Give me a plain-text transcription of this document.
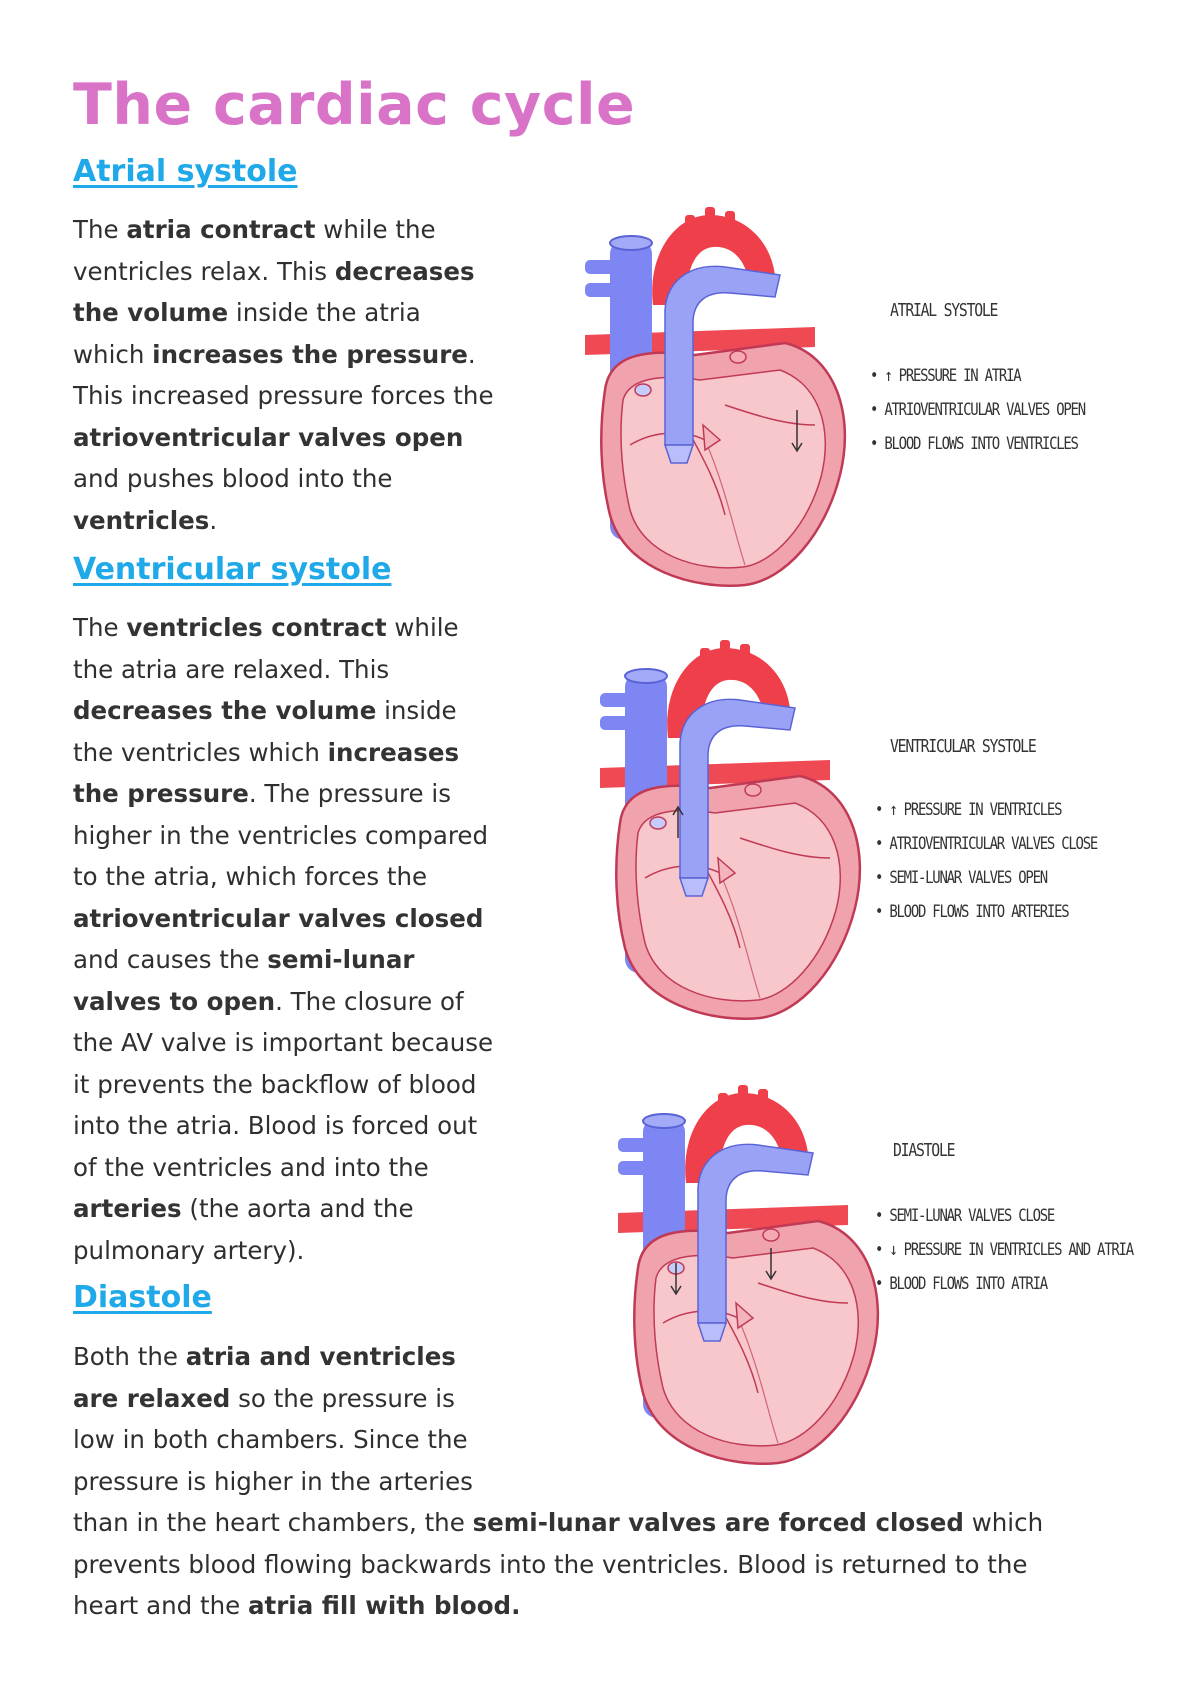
The cardiac cycle
Atrial systole

The atria contract while the
ventricles relax. This decreases
the volume inside the atria
which increases the pressure.
This increased pressure forces the
atrioventricular valves open
and pushes blood into the
ventricles.

Ventricular systole

The ventricles contract while
the atria are relaxed. This
decreases the volume inside
the ventricles which increases
the pressure. The pressure is
higher in the ventricles compared
to the atria, which forces the
atrioventricular valves closed
and causes the semi-lunar
valves to open. The closure of
the AV valve is important because
it prevents the backflow of blood
into the atria. Blood is forced out
of the ventricles and into the
arteries (the aorta and the
pulmonary artery).

Diastole

Both the atria and ventricles
are relaxed so the pressure is
low in both chambers. Since the
pressure is higher in the arteries
than in the heart chambers, the semi-lunar valves are forced closed which
prevents blood flowing backwards into the ventricles. Blood is returned to the
heart and the atria fill with blood.

ATRIAL SYSTOLE
• ↑ PRESSURE IN ATRIA
• ATRIOVENTRICULAR VALVES OPEN
• BLOOD FLOWS INTO VENTRICLES
VENTRICULAR SYSTOLE
• ↑ PRESSURE IN VENTRICLES
• ATRIOVENTRICULAR VALVES CLOSE
• SEMI-LUNAR VALVES OPEN
• BLOOD FLOWS INTO ARTERIES
DIASTOLE
• SEMI-LUNAR VALVES CLOSE
• ↓ PRESSURE IN VENTRICLES AND ATRIA
• BLOOD FLOWS INTO ATRIA
